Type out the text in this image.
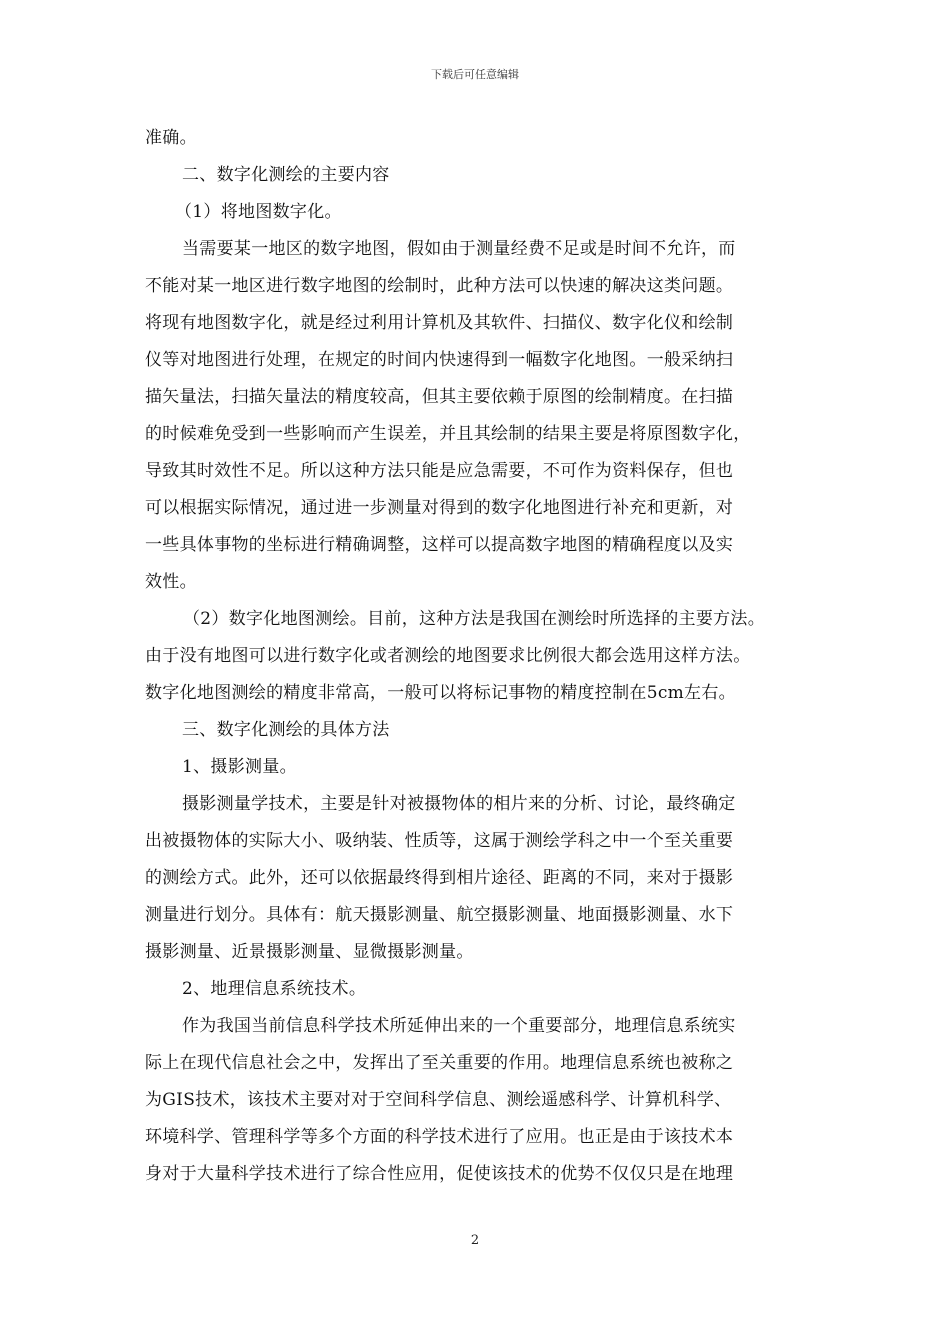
下载后可任意编辑
准确。
二、数字化测绘的主要内容
（1）将地图数字化。
当需要某一地区的数字地图，假如由于测量经费不足或是时间不允许，而
不能对某一地区进行数字地图的绘制时，此种方法可以快速的解决这类问题。
将现有地图数字化，就是经过利用计算机及其软件、扫描仪、数字化仪和绘制
仪等对地图进行处理，在规定的时间内快速得到一幅数字化地图。一般采纳扫
描矢量法，扫描矢量法的精度较高，但其主要依赖于原图的绘制精度。在扫描
的时候难免受到一些影响而产生误差，并且其绘制的结果主要是将原图数字化，
导致其时效性不足。所以这种方法只能是应急需要，不可作为资料保存，但也
可以根据实际情况，通过进一步测量对得到的数字化地图进行补充和更新，对
一些具体事物的坐标进行精确调整，这样可以提高数字地图的精确程度以及实
效性。
（2）数字化地图测绘。目前，这种方法是我国在测绘时所选择的主要方法。
由于没有地图可以进行数字化或者测绘的地图要求比例很大都会选用这样方法。
数字化地图测绘的精度非常高，一般可以将标记事物的精度控制在5cm左右。
三、数字化测绘的具体方法
1、摄影测量。
摄影测量学技术，主要是针对被摄物体的相片来的分析、讨论，最终确定
出被摄物体的实际大小、吸纳装、性质等，这属于测绘学科之中一个至关重要
的测绘方式。此外，还可以依据最终得到相片途径、距离的不同，来对于摄影
测量进行划分。具体有：航天摄影测量、航空摄影测量、地面摄影测量、水下
摄影测量、近景摄影测量、显微摄影测量。
2、地理信息系统技术。
作为我国当前信息科学技术所延伸出来的一个重要部分，地理信息系统实
际上在现代信息社会之中，发挥出了至关重要的作用。地理信息系统也被称之
为GIS技术，该技术主要对对于空间科学信息、测绘遥感科学、计算机科学、
环境科学、管理科学等多个方面的科学技术进行了应用。也正是由于该技术本
身对于大量科学技术进行了综合性应用，促使该技术的优势不仅仅只是在地理
2
